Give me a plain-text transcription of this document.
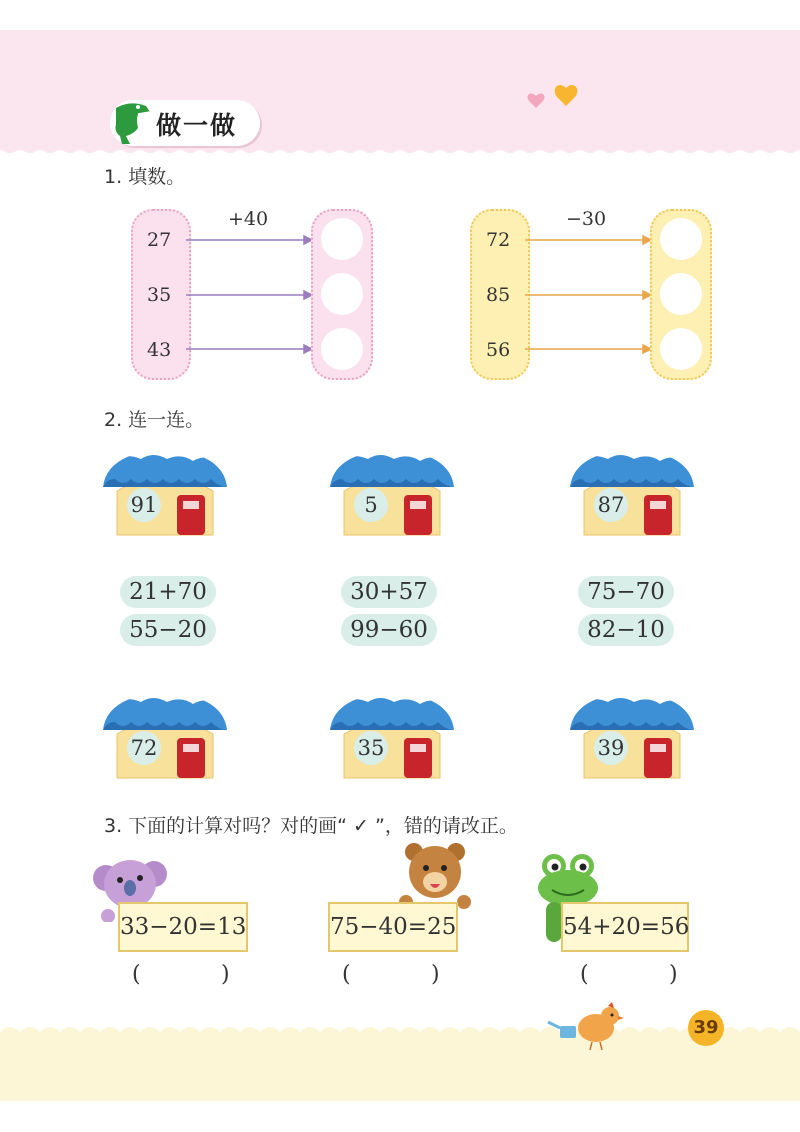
做一做
1. 填数。
+40
27
35
43
−30
72
85
56
2. 连一连。
91	5	87
21+70
55−20
30+57
99−60
75−70
82−10
72	35	39
3. 下面的计算对吗？对的画“ ✓ ”，错的请改正。
33−20=13	75−40=25	54+20=56
(	)	(	)	(	)
39
